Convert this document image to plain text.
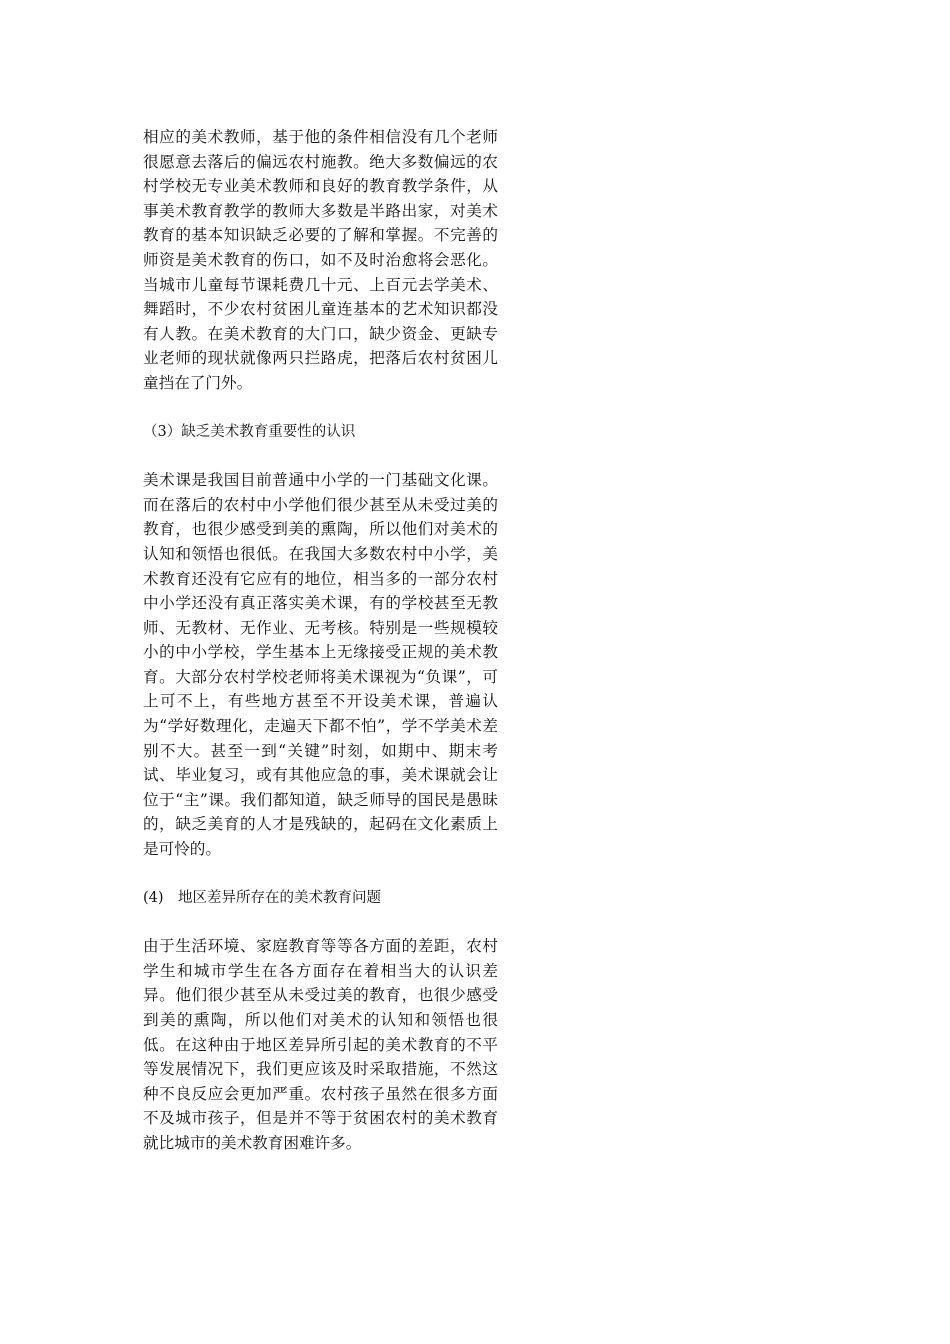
相应的美术教师，基于他的条件相信没有几个老师很愿意去落后的偏远农村施教。绝大多数偏远的农村学校无专业美术教师和良好的教育教学条件，从事美术教育教学的教师大多数是半路出家，对美术教育的基本知识缺乏必要的了解和掌握。不完善的师资是美术教育的伤口，如不及时治愈将会恶化。当城市儿童每节课耗费几十元、上百元去学美术、舞蹈时，不少农村贫困儿童连基本的艺术知识都没有人教。在美术教育的大门口，缺少资金、更缺专业老师的现状就像两只拦路虎，把落后农村贫困儿童挡在了门外。

（3）缺乏美术教育重要性的认识

美术课是我国目前普通中小学的一门基础文化课。而在落后的农村中小学他们很少甚至从未受过美的教育，也很少感受到美的熏陶，所以他们对美术的认知和领悟也很低。在我国大多数农村中小学，美术教育还没有它应有的地位，相当多的一部分农村中小学还没有真正落实美术课，有的学校甚至无教师、无教材、无作业、无考核。特别是一些规模较小的中小学校，学生基本上无缘接受正规的美术教育。大部分农村学校老师将美术课视为“负课”，可上可不上，有些地方甚至不开设美术课，普遍认为“学好数理化，走遍天下都不怕”，学不学美术差别不大。甚至一到“关键”时刻，如期中、期末考试、毕业复习，或有其他应急的事，美术课就会让位于“主”课。我们都知道，缺乏师导的国民是愚昧的，缺乏美育的人才是残缺的，起码在文化素质上是可怜的。

(4)　地区差异所存在的美术教育问题

由于生活环境、家庭教育等等各方面的差距，农村学生和城市学生在各方面存在着相当大的认识差异。他们很少甚至从未受过美的教育，也很少感受到美的熏陶，所以他们对美术的认知和领悟也很低。在这种由于地区差异所引起的美术教育的不平等发展情况下，我们更应该及时采取措施，不然这种不良反应会更加严重。农村孩子虽然在很多方面不及城市孩子，但是并不等于贫困农村的美术教育就比城市的美术教育困难许多。
